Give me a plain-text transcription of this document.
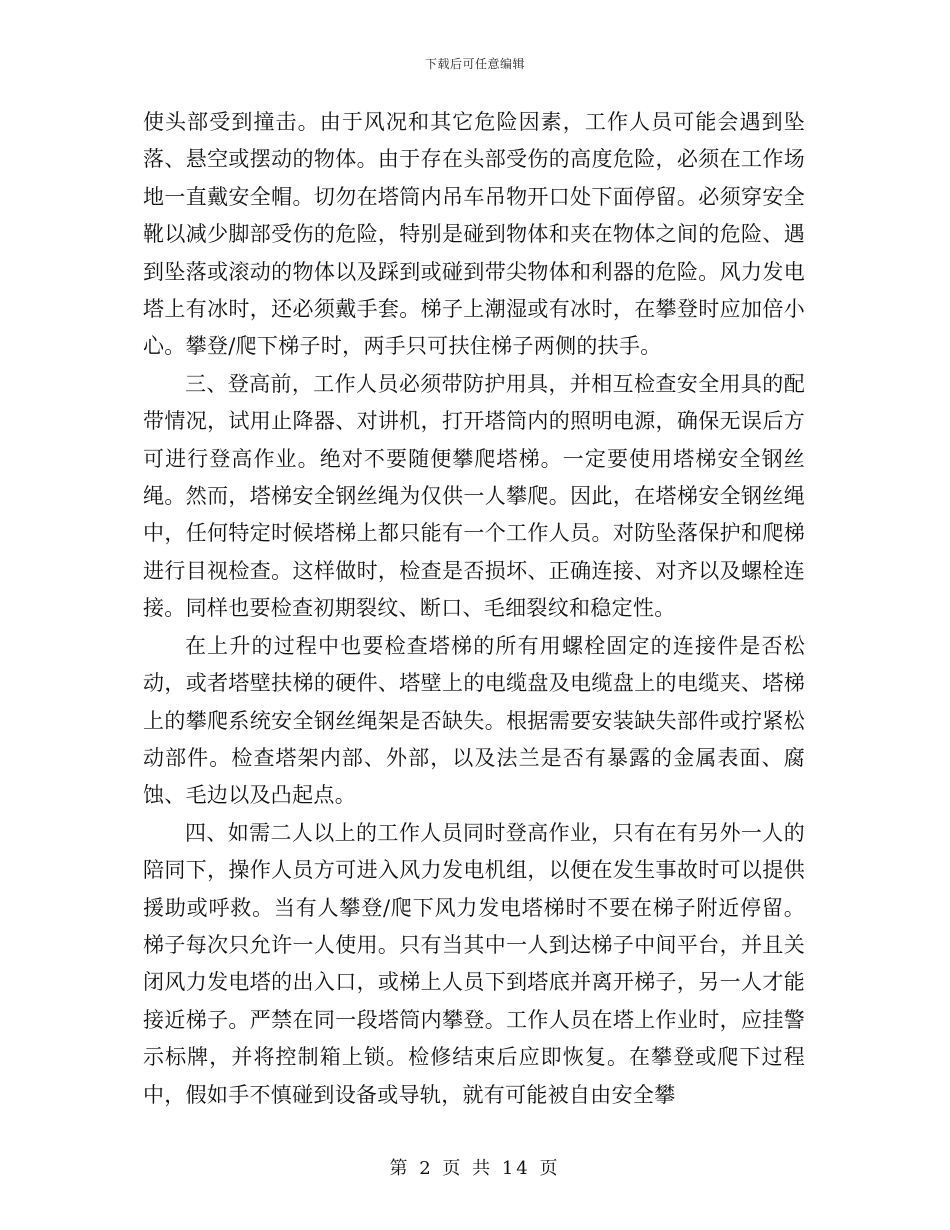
下载后可任意编辑

使头部受到撞击。由于风况和其它危险因素，工作人员可能会遇到坠落、悬空或摆动的物体。由于存在头部受伤的高度危险，必须在工作场地一直戴安全帽。切勿在塔筒内吊车吊物开口处下面停留。必须穿安全靴以减少脚部受伤的危险，特别是碰到物体和夹在物体之间的危险、遇到坠落或滚动的物体以及踩到或碰到带尖物体和利器的危险。风力发电塔上有冰时，还必须戴手套。梯子上潮湿或有冰时，在攀登时应加倍小心。攀登/爬下梯子时，两手只可扶住梯子两侧的扶手。

三、登高前，工作人员必须带防护用具，并相互检查安全用具的配带情况，试用止降器、对讲机，打开塔筒内的照明电源，确保无误后方可进行登高作业。绝对不要随便攀爬塔梯。一定要使用塔梯安全钢丝绳。然而，塔梯安全钢丝绳为仅供一人攀爬。因此，在塔梯安全钢丝绳中，任何特定时候塔梯上都只能有一个工作人员。对防坠落保护和爬梯进行目视检查。这样做时，检查是否损坏、正确连接、对齐以及螺栓连接。同样也要检查初期裂纹、断口、毛细裂纹和稳定性。

在上升的过程中也要检查塔梯的所有用螺栓固定的连接件是否松动，或者塔壁扶梯的硬件、塔壁上的电缆盘及电缆盘上的电缆夹、塔梯上的攀爬系统安全钢丝绳架是否缺失。根据需要安装缺失部件或拧紧松动部件。检查塔架内部、外部，以及法兰是否有暴露的金属表面、腐蚀、毛边以及凸起点。

四、如需二人以上的工作人员同时登高作业，只有在有另外一人的陪同下，操作人员方可进入风力发电机组，以便在发生事故时可以提供援助或呼救。当有人攀登/爬下风力发电塔梯时不要在梯子附近停留。梯子每次只允许一人使用。只有当其中一人到达梯子中间平台，并且关闭风力发电塔的出入口，或梯上人员下到塔底并离开梯子，另一人才能接近梯子。严禁在同一段塔筒内攀登。工作人员在塔上作业时，应挂警示标牌，并将控制箱上锁。检修结束后应即恢复。在攀登或爬下过程中，假如手不慎碰到设备或导轨，就有可能被自由安全攀

第 2 页 共 14 页
